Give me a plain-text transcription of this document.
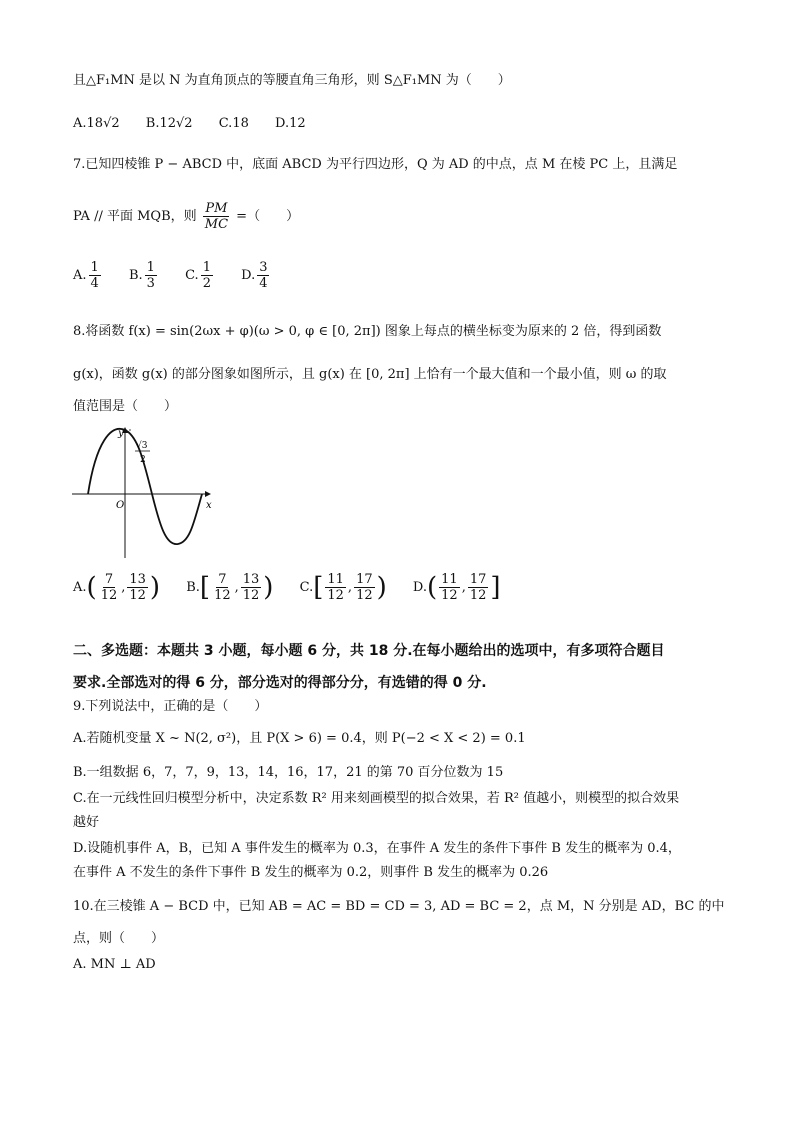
且△F₁MN 是以 N 为直角顶点的等腰直角三角形，则 S△F₁MN 为（　　）
A.18√2 B.12√2 C.18 D.12
7.已知四棱锥 P − ABCD 中，底面 ABCD 为平行四边形，Q 为 AD 的中点，点 M 在棱 PC 上，且满足
PA // 平面 MQB，则 $\frac{PM}{MC}$ =（　　）
A. $\frac{1}{4} B$. $\frac{1}{3} C$. $\frac{1}{2} D$. $\frac{3}{4}$
8.将函数 f(x) = sin(2ωx + φ)(ω > 0, φ ∈ [0, 2π]) 图象上每点的横坐标变为原来的 2 倍，得到函数
g(x)，函数 g(x) 的部分图象如图所示，且 g(x) 在 [0, 2π] 上恰有一个最大值和一个最小值，则 ω 的取
值范围是（　　）
y
x
O
√3
2
$A.( \frac{7}{12}$ , $\frac{13}{12}$ ) $B.[ \frac{7}{12}$ , $\frac{13}{12}$ ) $C.[ \frac{11}{12}$ , $\frac{17}{12}$ ) $D.( \frac{11}{12}$ , $\frac{17}{12}$ ]
二、多选题：本题共 3 小题，每小题 6 分，共 18 分.在每小题给出的选项中，有多项符合题目
要求.全部选对的得 6 分，部分选对的得部分分，有选错的得 0 分.
9.下列说法中，正确的是（　　）
A.若随机变量 X ~ N(2, σ²)，且 P(X > 6) = 0.4，则 P(−2 < X < 2) = 0.1
B.一组数据 6，7，7，9，13，14，16，17，21 的第 70 百分位数为 15
C.在一元线性回归模型分析中，决定系数 R² 用来刻画模型的拟合效果，若 R² 值越小，则模型的拟合效果
越好
D.设随机事件 A，B，已知 A 事件发生的概率为 0.3，在事件 A 发生的条件下事件 B 发生的概率为 0.4，
在事件 A 不发生的条件下事件 B 发生的概率为 0.2，则事件 B 发生的概率为 0.26
10.在三棱锥 A − BCD 中，已知 AB = AC = BD = CD = 3, AD = BC = 2，点 M，N 分别是 AD，BC 的中
点，则（　　）
A. MN ⊥ AD
